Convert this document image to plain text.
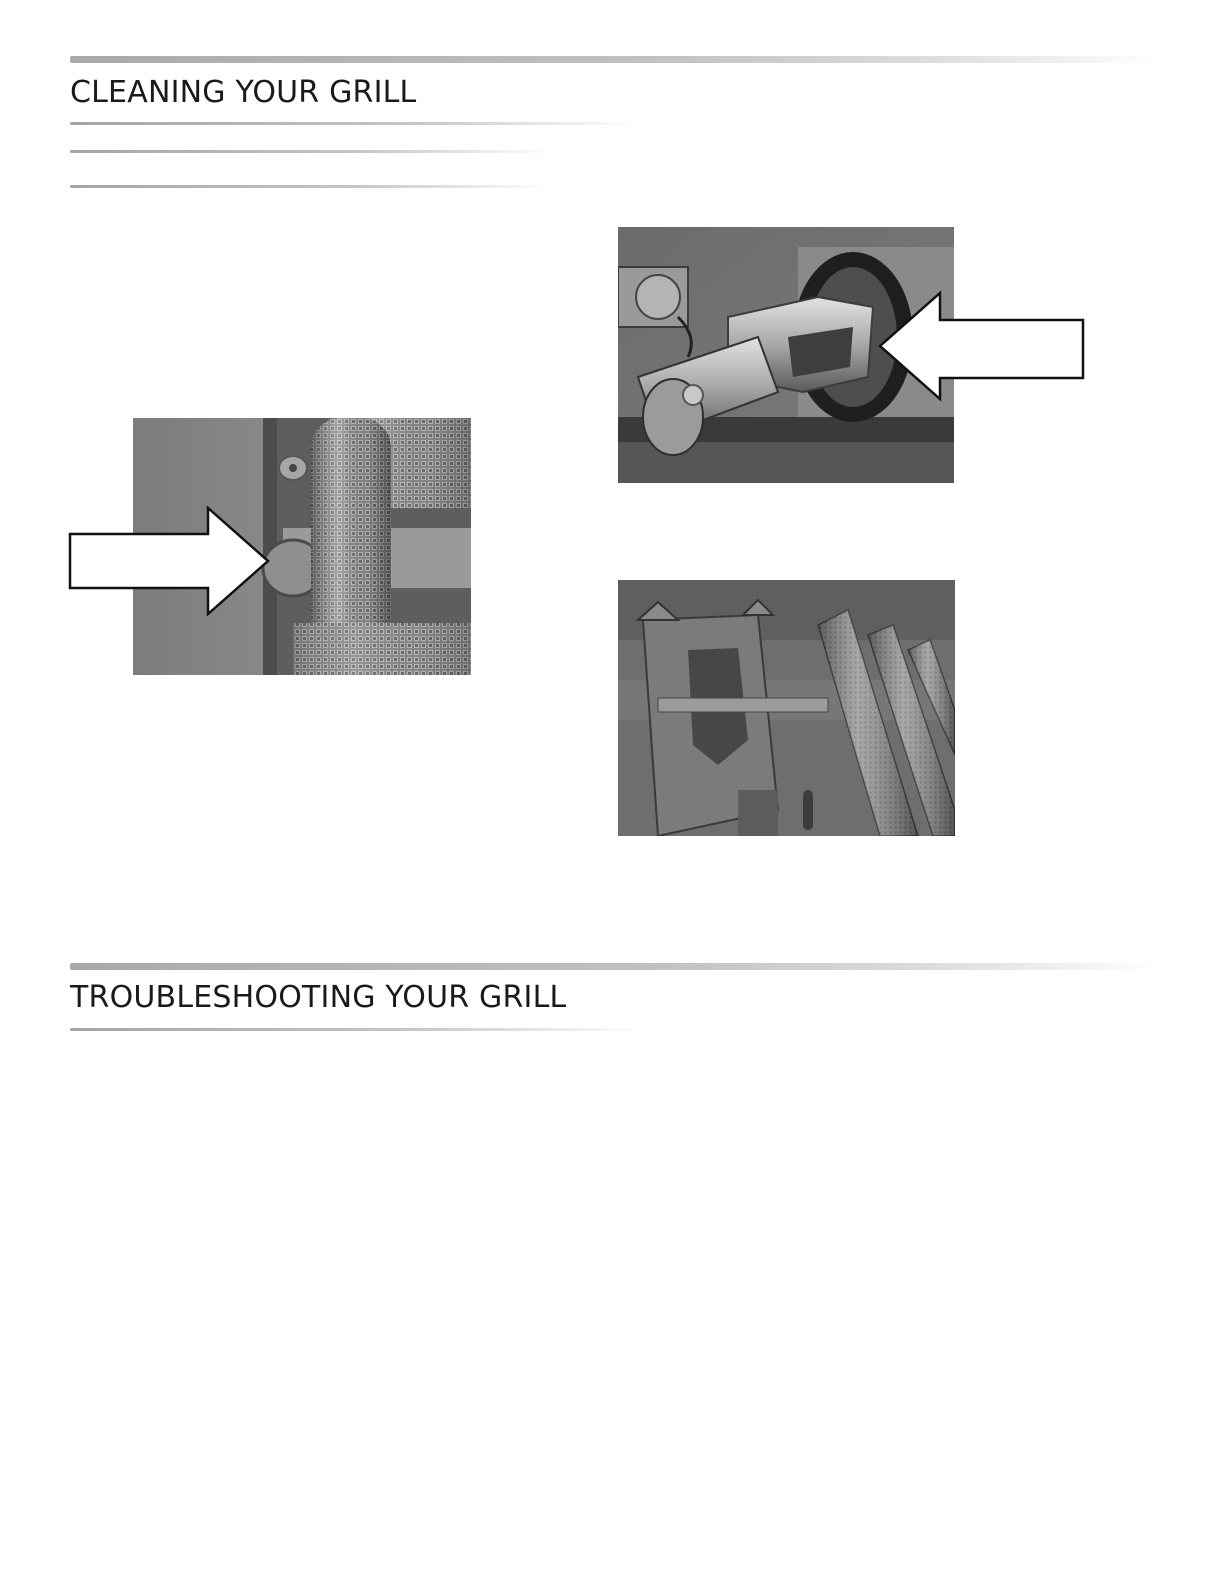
CLEANING YOUR GRILL
TROUBLESHOOTING YOUR GRILL
